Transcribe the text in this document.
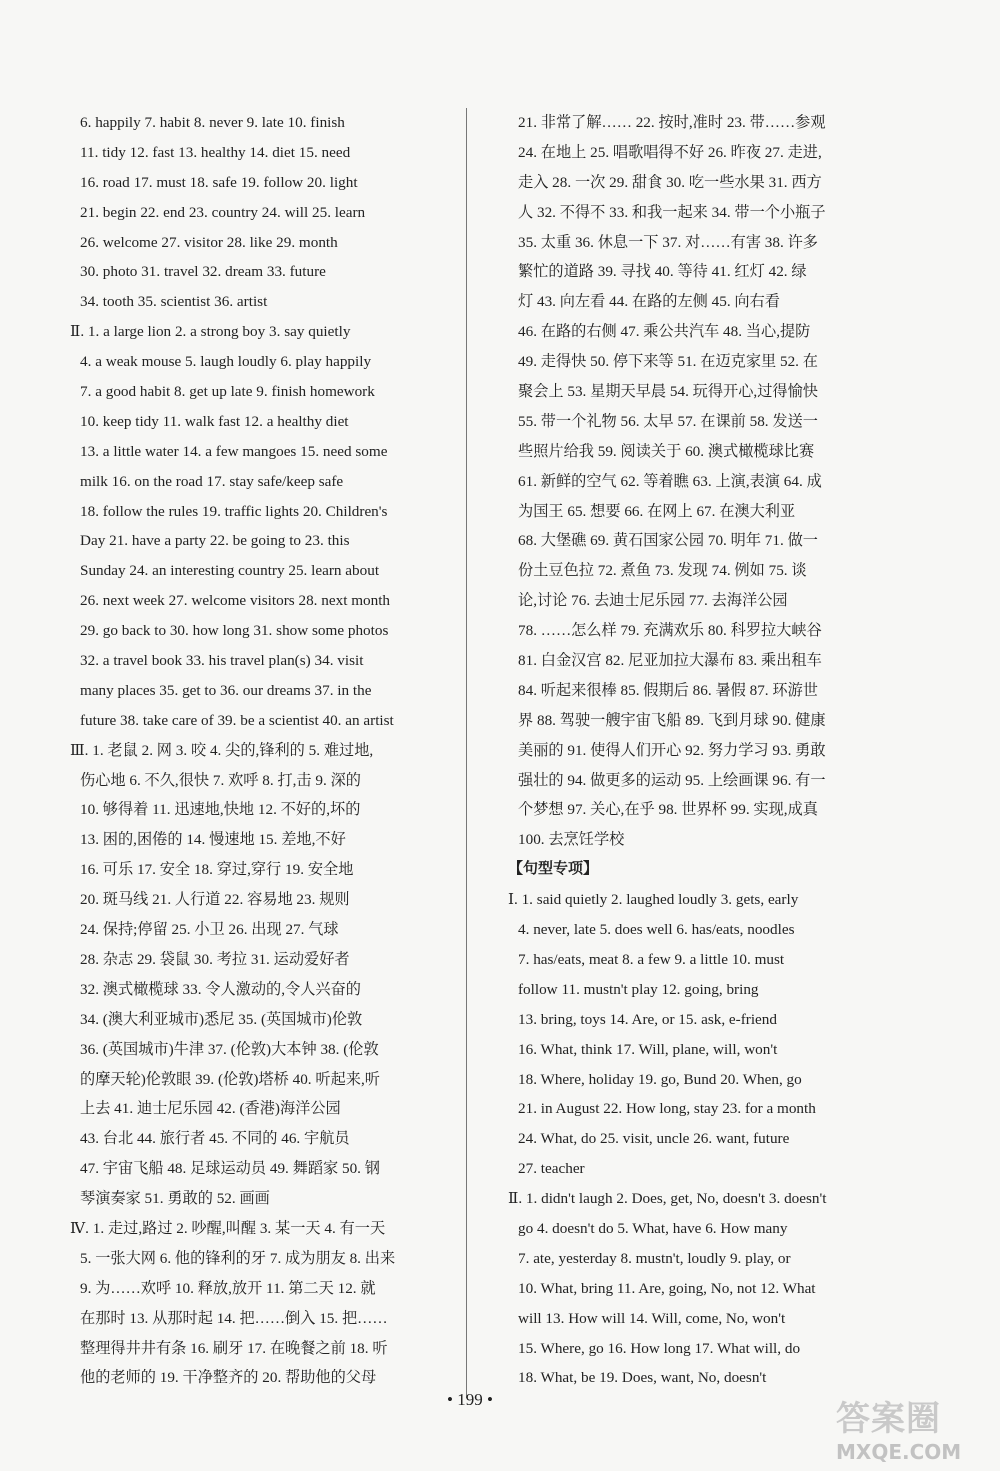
6. happily 7. habit 8. never 9. late 10. finish
11. tidy 12. fast 13. healthy 14. diet 15. need
16. road 17. must 18. safe 19. follow 20. light
21. begin 22. end 23. country 24. will 25. learn
26. welcome 27. visitor 28. like 29. month
30. photo 31. travel 32. dream 33. future
34. tooth 35. scientist 36. artist
Ⅱ. 1. a large lion 2. a strong boy 3. say quietly
4. a weak mouse 5. laugh loudly 6. play happily
7. a good habit 8. get up late 9. finish homework
10. keep tidy 11. walk fast 12. a healthy diet
13. a little water 14. a few mangoes 15. need some
milk 16. on the road 17. stay safe/keep safe
18. follow the rules 19. traffic lights 20. Children's
Day 21. have a party 22. be going to 23. this
Sunday 24. an interesting country 25. learn about
26. next week 27. welcome visitors 28. next month
29. go back to 30. how long 31. show some photos
32. a travel book 33. his travel plan(s) 34. visit
many places 35. get to 36. our dreams 37. in the
future 38. take care of 39. be a scientist 40. an artist
Ⅲ. 1. 老鼠 2. 网 3. 咬 4. 尖的,锋利的 5. 难过地,
伤心地 6. 不久,很快 7. 欢呼 8. 打,击 9. 深的
10. 够得着 11. 迅速地,快地 12. 不好的,坏的
13. 困的,困倦的 14. 慢速地 15. 差地,不好
16. 可乐 17. 安全 18. 穿过,穿行 19. 安全地
20. 斑马线 21. 人行道 22. 容易地 23. 规则
24. 保持;停留 25. 小卫 26. 出现 27. 气球
28. 杂志 29. 袋鼠 30. 考拉 31. 运动爱好者
32. 澳式橄榄球 33. 令人激动的,令人兴奋的
34. (澳大利亚城市)悉尼 35. (英国城市)伦敦
36. (英国城市)牛津 37. (伦敦)大本钟 38. (伦敦
的摩天轮)伦敦眼 39. (伦敦)塔桥 40. 听起来,听
上去 41. 迪士尼乐园 42. (香港)海洋公园
43. 台北 44. 旅行者 45. 不同的 46. 宇航员
47. 宇宙飞船 48. 足球运动员 49. 舞蹈家 50. 钢
琴演奏家 51. 勇敢的 52. 画画
Ⅳ. 1. 走过,路过 2. 吵醒,叫醒 3. 某一天 4. 有一天
5. 一张大网 6. 他的锋利的牙 7. 成为朋友 8. 出来
9. 为……欢呼 10. 释放,放开 11. 第二天 12. 就
在那时 13. 从那时起 14. 把……倒入 15. 把……
整理得井井有条 16. 刷牙 17. 在晚餐之前 18. 听
他的老师的 19. 干净整齐的 20. 帮助他的父母
21. 非常了解…… 22. 按时,准时 23. 带……参观
24. 在地上 25. 唱歌唱得不好 26. 昨夜 27. 走进,
走入 28. 一次 29. 甜食 30. 吃一些水果 31. 西方
人 32. 不得不 33. 和我一起来 34. 带一个小瓶子
35. 太重 36. 休息一下 37. 对……有害 38. 许多
繁忙的道路 39. 寻找 40. 等待 41. 红灯 42. 绿
灯 43. 向左看 44. 在路的左侧 45. 向右看
46. 在路的右侧 47. 乘公共汽车 48. 当心,提防
49. 走得快 50. 停下来等 51. 在迈克家里 52. 在
聚会上 53. 星期天早晨 54. 玩得开心,过得愉快
55. 带一个礼物 56. 太早 57. 在课前 58. 发送一
些照片给我 59. 阅读关于 60. 澳式橄榄球比赛
61. 新鲜的空气 62. 等着瞧 63. 上演,表演 64. 成
为国王 65. 想要 66. 在网上 67. 在澳大利亚
68. 大堡礁 69. 黄石国家公园 70. 明年 71. 做一
份土豆色拉 72. 煮鱼 73. 发现 74. 例如 75. 谈
论,讨论 76. 去迪士尼乐园 77. 去海洋公园
78. ……怎么样 79. 充满欢乐 80. 科罗拉大峡谷
81. 白金汉宫 82. 尼亚加拉大瀑布 83. 乘出租车
84. 听起来很棒 85. 假期后 86. 暑假 87. 环游世
界 88. 驾驶一艘宇宙飞船 89. 飞到月球 90. 健康
美丽的 91. 使得人们开心 92. 努力学习 93. 勇敢
强壮的 94. 做更多的运动 95. 上绘画课 96. 有一
个梦想 97. 关心,在乎 98. 世界杯 99. 实现,成真
100. 去烹饪学校
【句型专项】
Ⅰ. 1. said quietly 2. laughed loudly 3. gets, early
4. never, late 5. does well 6. has/eats, noodles
7. has/eats, meat 8. a few 9. a little 10. must
follow 11. mustn't play 12. going, bring
13. bring, toys 14. Are, or 15. ask, e-friend
16. What, think 17. Will, plane, will, won't
18. Where, holiday 19. go, Bund 20. When, go
21. in August 22. How long, stay 23. for a month
24. What, do 25. visit, uncle 26. want, future
27. teacher
Ⅱ. 1. didn't laugh 2. Does, get, No, doesn't 3. doesn't
go 4. doesn't do 5. What, have 6. How many
7. ate, yesterday 8. mustn't, loudly 9. play, or
10. What, bring 11. Are, going, No, not 12. What
will 13. How will 14. Will, come, No, won't
15. Where, go 16. How long 17. What will, do
18. What, be 19. Does, want, No, doesn't
• 199 •	答案圈
MXQE.COM
